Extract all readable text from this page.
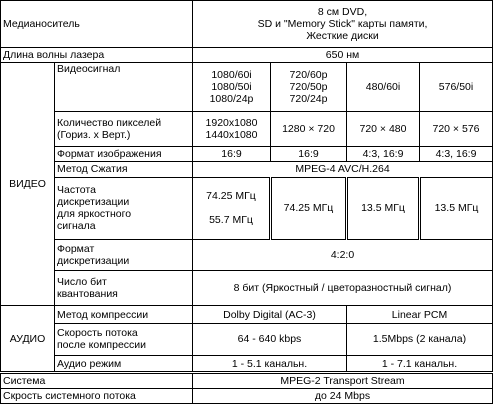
Медианоситель		8 см DVD,
SD и "Memory Stick" карты памяти,
Жесткие диски			
Длина волны лазера		650 нм			
ВИДЕО	Видеосигнал	1080/60i
1080/50i
1080/24p	720/60p
720/50p
720/24p	480/60i	576/50i
	Количество пикселей
(Гориз. x Верт.)	1920x1080
1440x1080	1280 × 720	720 × 480	720 × 576
	Формат изображения	16:9	16:9	4:3, 16:9	4:3, 16:9
	Метод Сжатия	MPEG-4 AVC/H.264			
	Частота
дискретизации
для яркостного
сигнала	74.25 МГц

55.7 МГц	74.25 МГц	13.5 МГц	13.5 МГц
	Формат
дискретизации	4:2:0			
	Число бит
квантования	8 бит (Яркостный / цветоразностный сигнал)			
АУДИО	Метод компрессии	Dolby Digital (AC-3)		Linear PCM	
	Скорость потока
после компрессии	64 - 640 kbps		1.5Mbps (2 канала)	
	Аудио режим	1 - 5.1 канальн.		1 - 7.1 канальн.	
Система		MPEG-2 Transport Stream			
Скрость системного потока		до 24 Mbps			
